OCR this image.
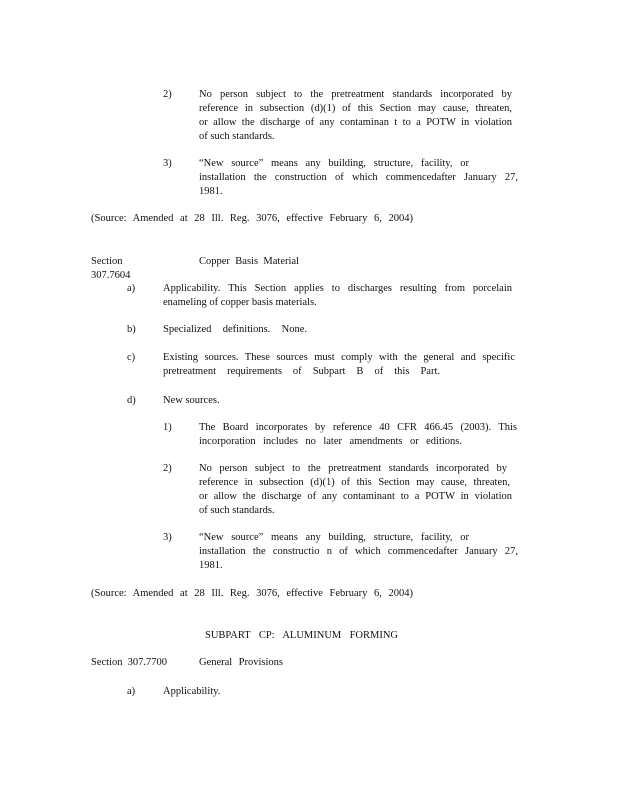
2)	No person subject to the pretreatment standards incorporated by
reference in subsection (d)(1) of this Section may cause, threaten,
or allow the discharge of any contaminan t to a POTW in violation
of such standards.
3)	“New source” means any building, structure, facility, or
installation the construction of which commencedafter January 27,
1981.
(Source: Amended at 28 Ill. Reg. 3076, effective February 6, 2004)
Section 307.7604
Copper Basis Material
a)	Applicability. This Section applies to discharges resulting from porcelain
enameling of copper basis materials.
b)	Specialized definitions. None.
c)	Existing sources. These sources must comply with the general and specific
pretreatment requirements of Subpart B of this Part.
d)	New sources.
1)	The Board incorporates by reference 40 CFR 466.45 (2003). This
incorporation includes no later amendments or editions.
2)	No person subject to the pretreatment standards incorporated by
reference in subsection (d)(1) of this Section may cause, threaten,
or allow the discharge of any contaminant to a POTW in violation
of such standards.
3)	“New source” means any building, structure, facility, or
installation the constructio n of which commencedafter January 27,
1981.
(Source: Amended at 28 Ill. Reg. 3076, effective February 6, 2004)
SUBPART CP: ALUMINUM FORMING
Section 307.7700	General Provisions
a)	Applicability.
